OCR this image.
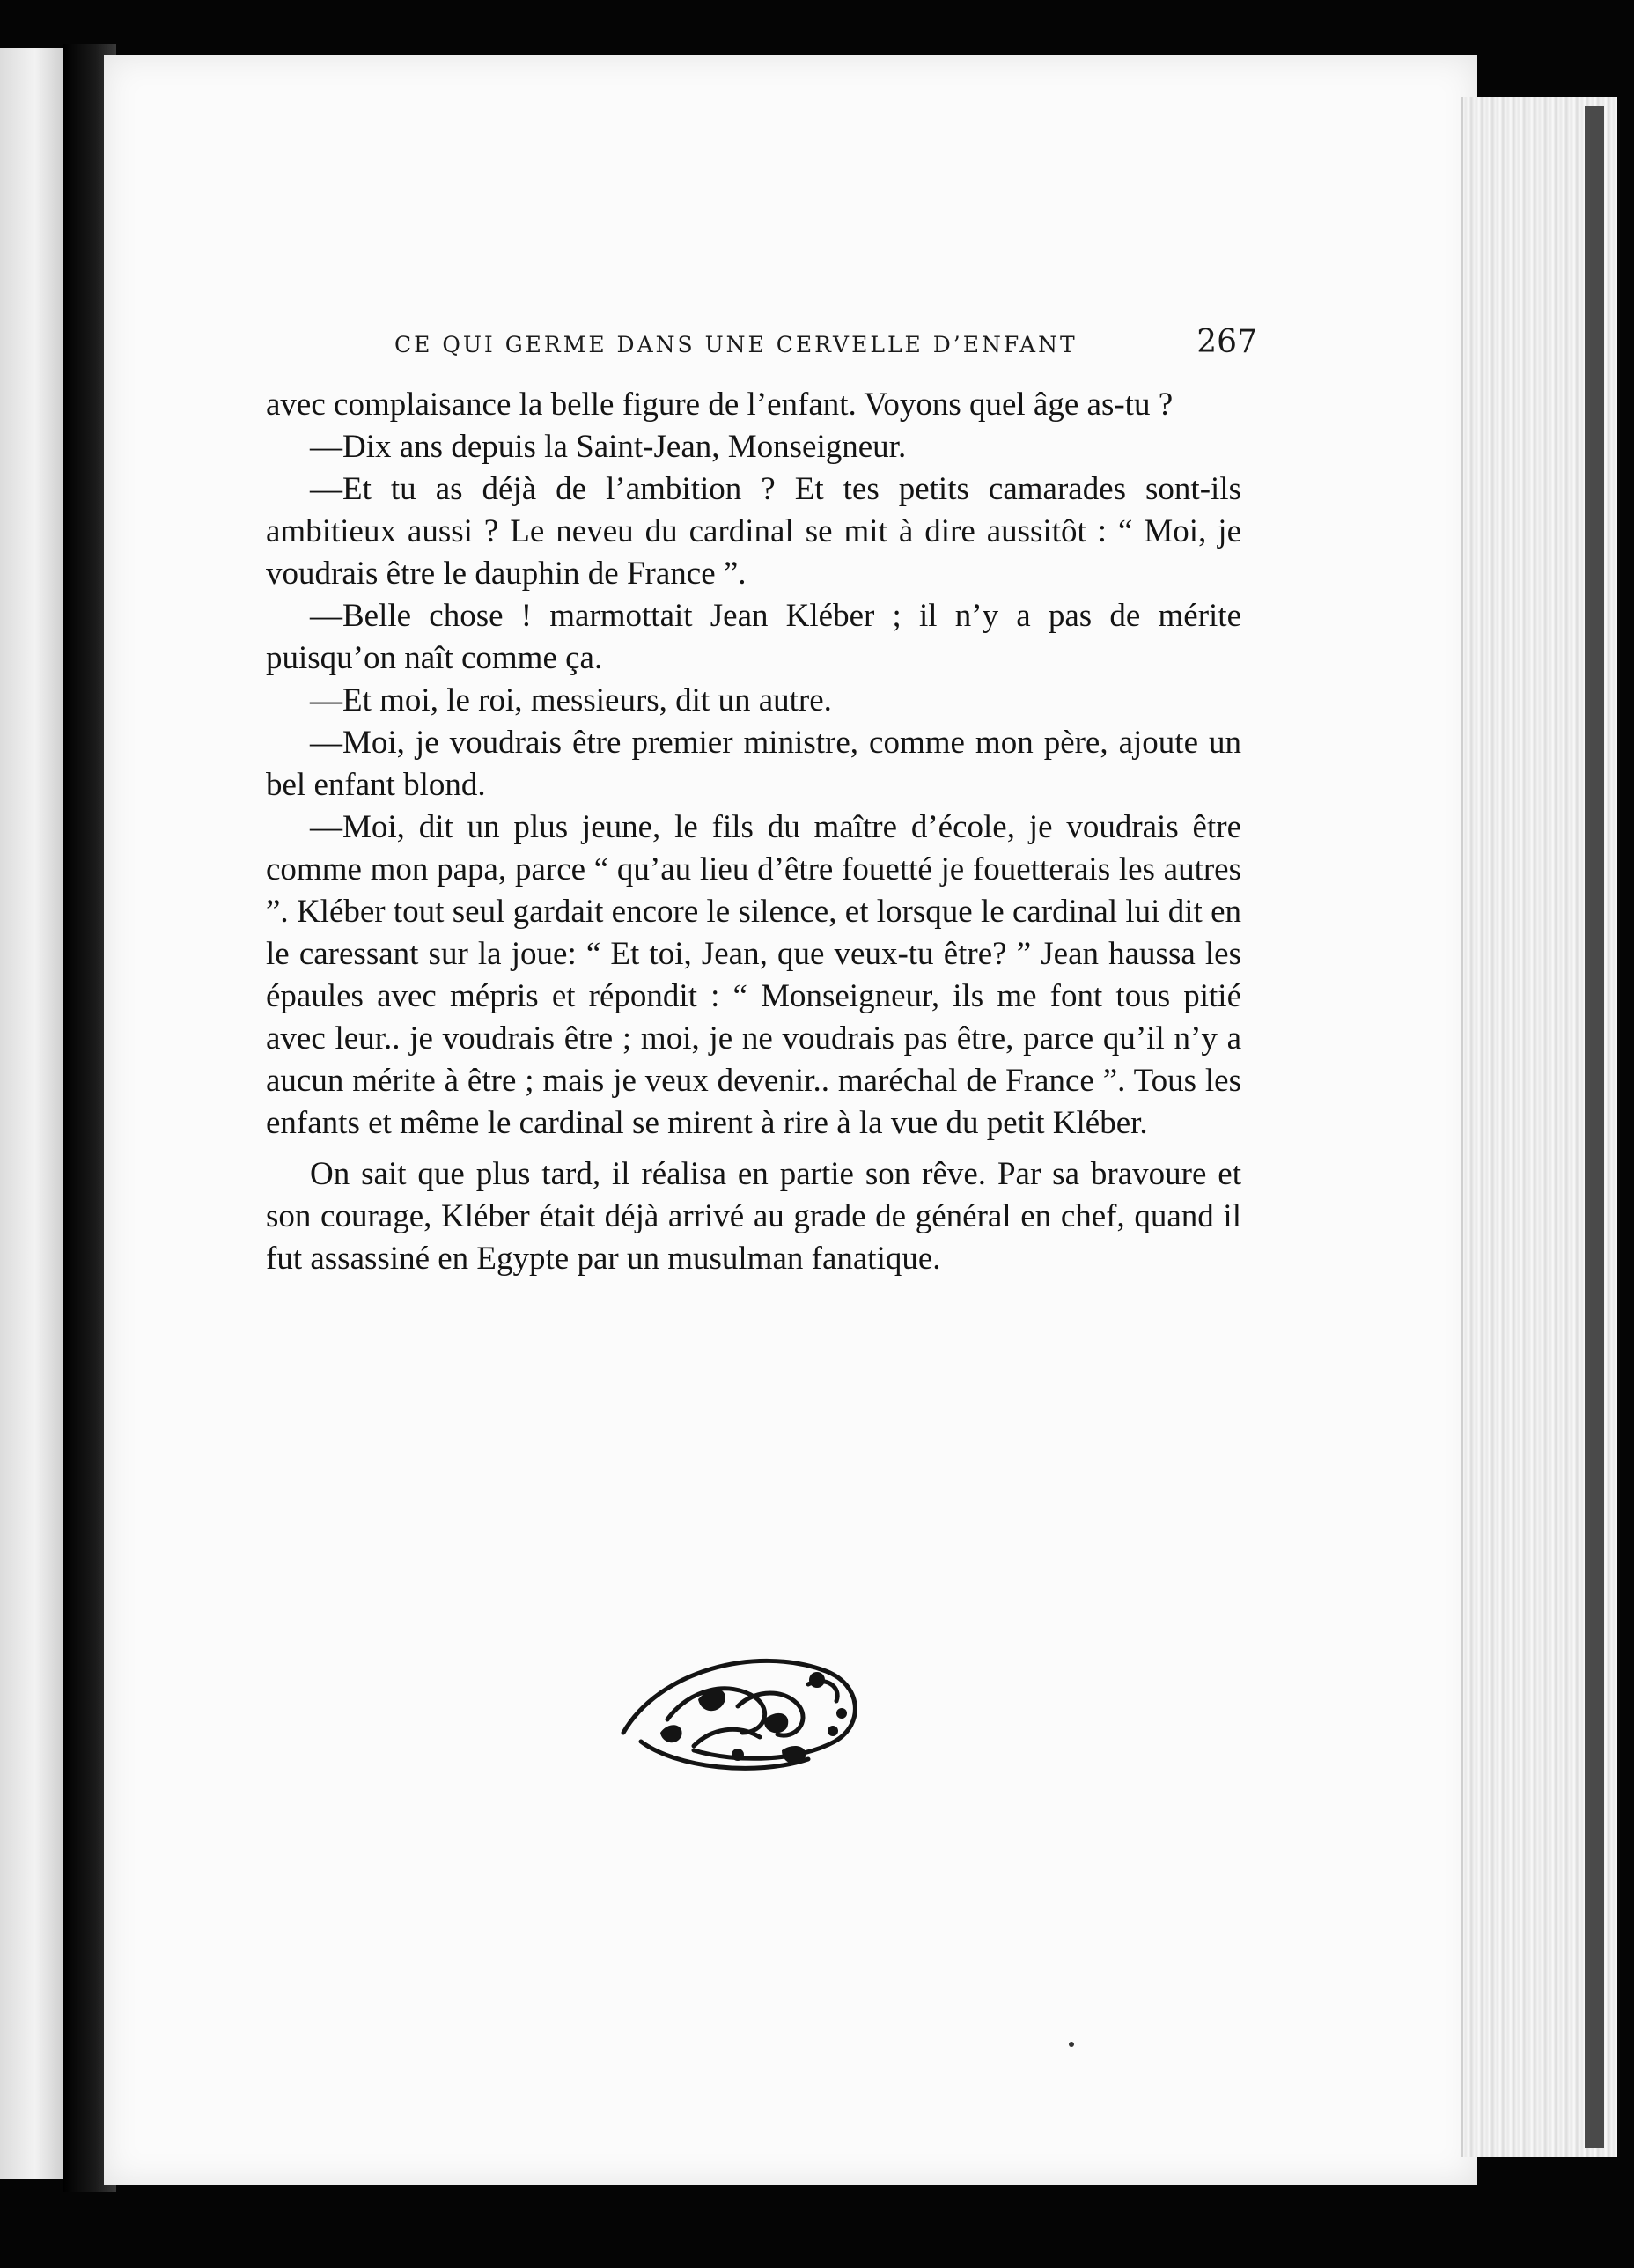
CE QUI GERME DANS UNE CERVELLE D’ENFANT	267

avec complaisance la belle figure de l’enfant. Voyons quel âge as-tu ?

—Dix ans depuis la Saint-Jean, Monseigneur.

—Et tu as déjà de l’ambition ? Et tes petits camarades sont-ils ambitieux aussi ? Le neveu du cardinal se mit à dire aussitôt : “ Moi, je voudrais être le dauphin de France ”.

—Belle chose ! marmottait Jean Kléber ; il n’y a pas de mérite puisqu’on naît comme ça.

—Et moi, le roi, messieurs, dit un autre.

—Moi, je voudrais être premier ministre, comme mon père, ajoute un bel enfant blond.

—Moi, dit un plus jeune, le fils du maître d’école, je voudrais être comme mon papa, parce “ qu’au lieu d’être fouetté je fouetterais les autres ”. Kléber tout seul gardait encore le silence, et lorsque le cardinal lui dit en le caressant sur la joue: “ Et toi, Jean, que veux-tu être? ” Jean haussa les épaules avec mépris et répondit : “ Monseigneur, ils me font tous pitié avec leur.. je voudrais être ; moi, je ne voudrais pas être, parce qu’il n’y a aucun mérite à être ; mais je veux devenir.. maréchal de France ”. Tous les enfants et même le cardinal se mirent à rire à la vue du petit Kléber.

On sait que plus tard, il réalisa en partie son rêve. Par sa bravoure et son courage, Kléber était déjà arrivé au grade de général en chef, quand il fut assassiné en Egypte par un musulman fanatique.
